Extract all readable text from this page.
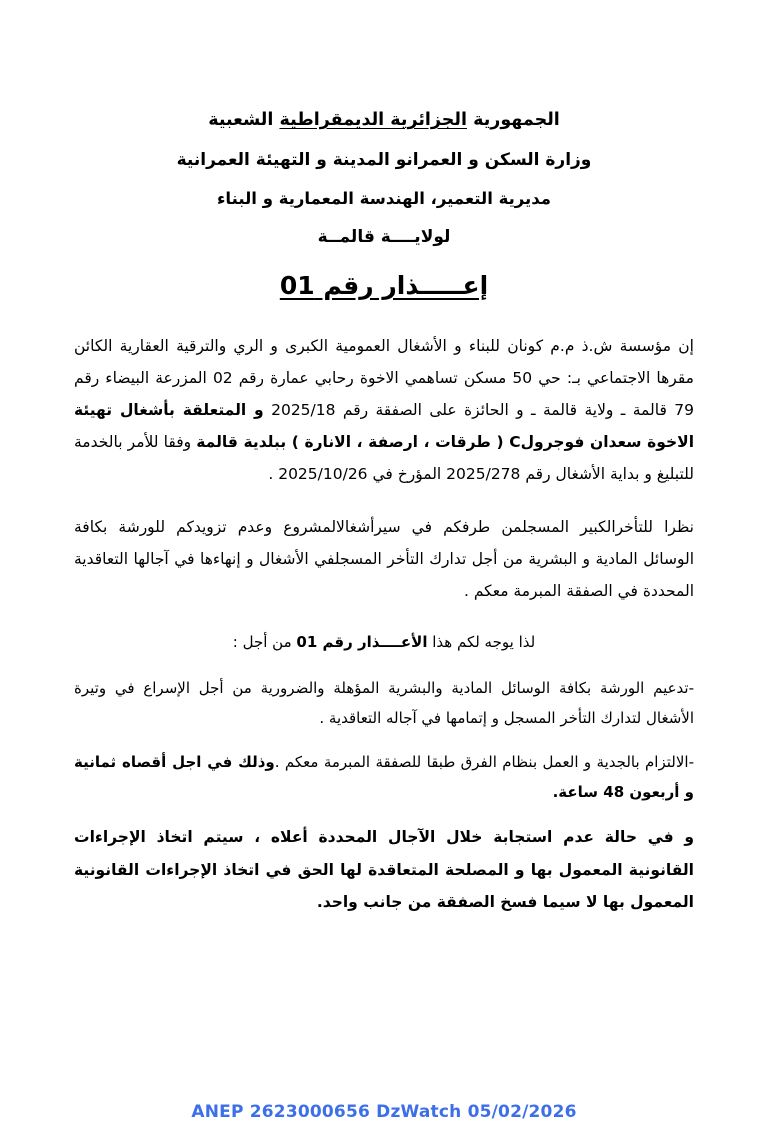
الجمهورية الجزائرية الديمقراطية الشعبية
وزارة السكن و العمرانو المدينة و التهيئة العمرانية
مديرية التعمير، الهندسة المعمارية و البناء
لولايــــة قالمــة
إعـــــذار رقم 01

إن مؤسسة ش.ذ م.م كونان للبناء و الأشغال العمومية الكبرى و الري والترقية العقارية الكائن مقرها الاجتماعي بـ: حي 50 مسكن تساهمي الاخوة رحابي عمارة رقم 02 المزرعة البيضاء رقم 79 قالمة ـ ولاية قالمة ـ و الحائزة على الصفقة رقم 2025/18 و المتعلقة بأشغال تهيئة الاخوة سعدان فوجرولC ( طرقات ، ارصفة ، الانارة ) ببلدية قالمة وفقا للأمر بالخدمة للتبليغ و بداية الأشغال رقم 2025/278 المؤرخ في 2025/10/26 .

نظرا للتأخرالكبير المسجلمن طرفكم في سيرأشغالالمشروع وعدم تزويدكم للورشة بكافة الوسائل المادية و البشرية من أجل تدارك التأخر المسجلفي الأشغال و إنهاءها في آجالها التعاقدية المحددة في الصفقة المبرمة معكم .

لذا يوجه لكم هذا الأعــــذار رقم 01 من أجل :

-تدعيم الورشة بكافة الوسائل المادية والبشرية المؤهلة والضرورية من أجل الإسراع في وتيرة الأشغال لتدارك التأخر المسجل و إتمامها في آجاله التعاقدية .

-الالتزام بالجدية و العمل بنظام الفرق طبقا للصفقة المبرمة معكم .وذلك في اجل أقصاه ثمانية و أربعون 48 ساعة.

و في حالة عدم استجابة خلال الآجال المحددة أعلاه ، سيتم اتخاذ الإجراءات القانونية المعمول بها و المصلحة المتعاقدة لها الحق في اتخاذ الإجراءات القانونية المعمول بها لا سيما فسخ الصفقة من جانب واحد.

ANEP 2623000656 DzWatch 05/02/2026
